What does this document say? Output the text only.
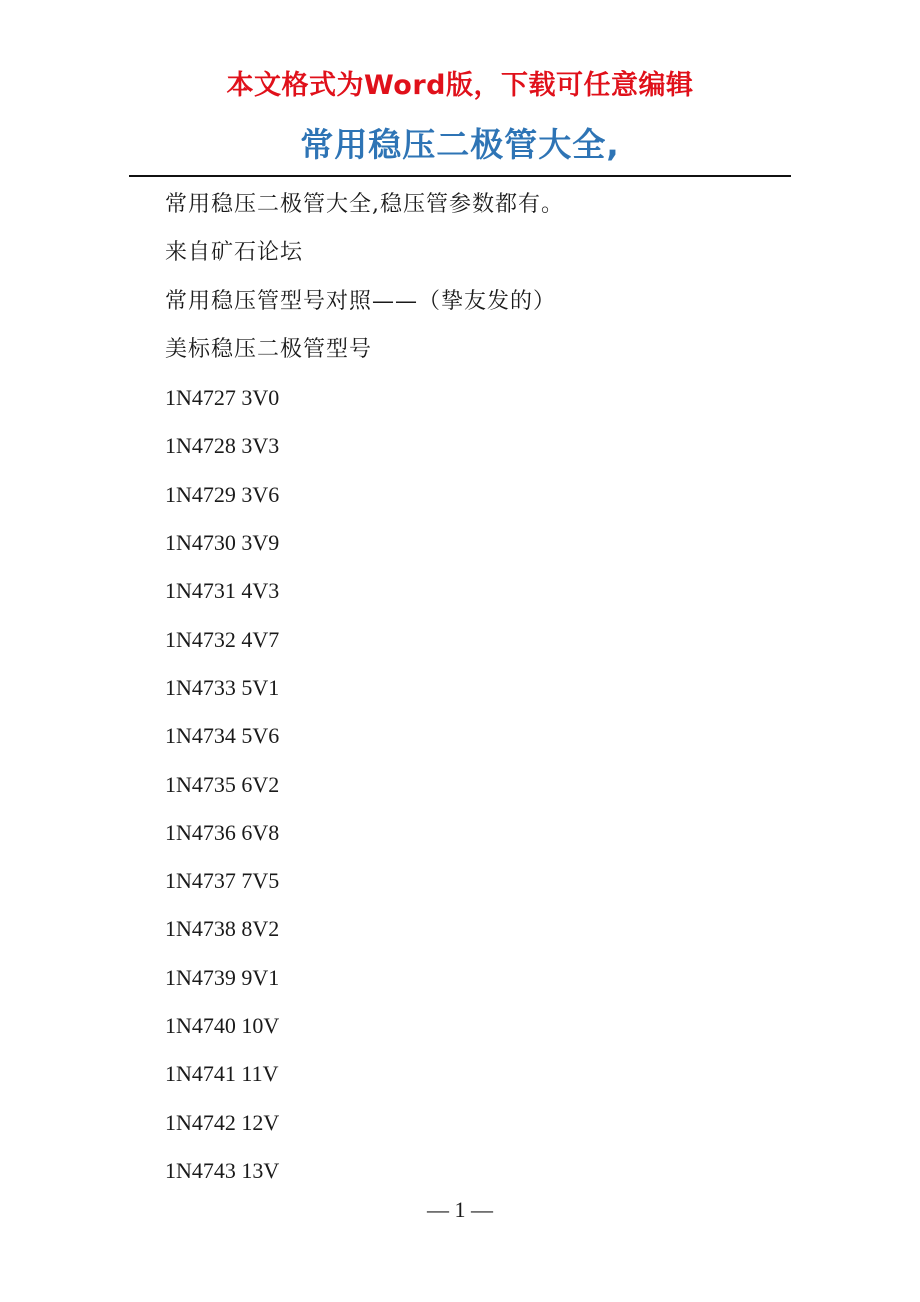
本文格式为Word版，下载可任意编辑
常用稳压二极管大全,
常用稳压二极管大全,稳压管参数都有。
来自矿石论坛
常用稳压管型号对照——（挚友发的）
美标稳压二极管型号
1N4727 3V0
1N4728 3V3
1N4729 3V6
1N4730 3V9
1N4731 4V3
1N4732 4V7
1N4733 5V1
1N4734 5V6
1N4735 6V2
1N4736 6V8
1N4737 7V5
1N4738 8V2
1N4739 9V1
1N4740 10V
1N4741 11V
1N4742 12V
1N4743 13V
— 1 —
